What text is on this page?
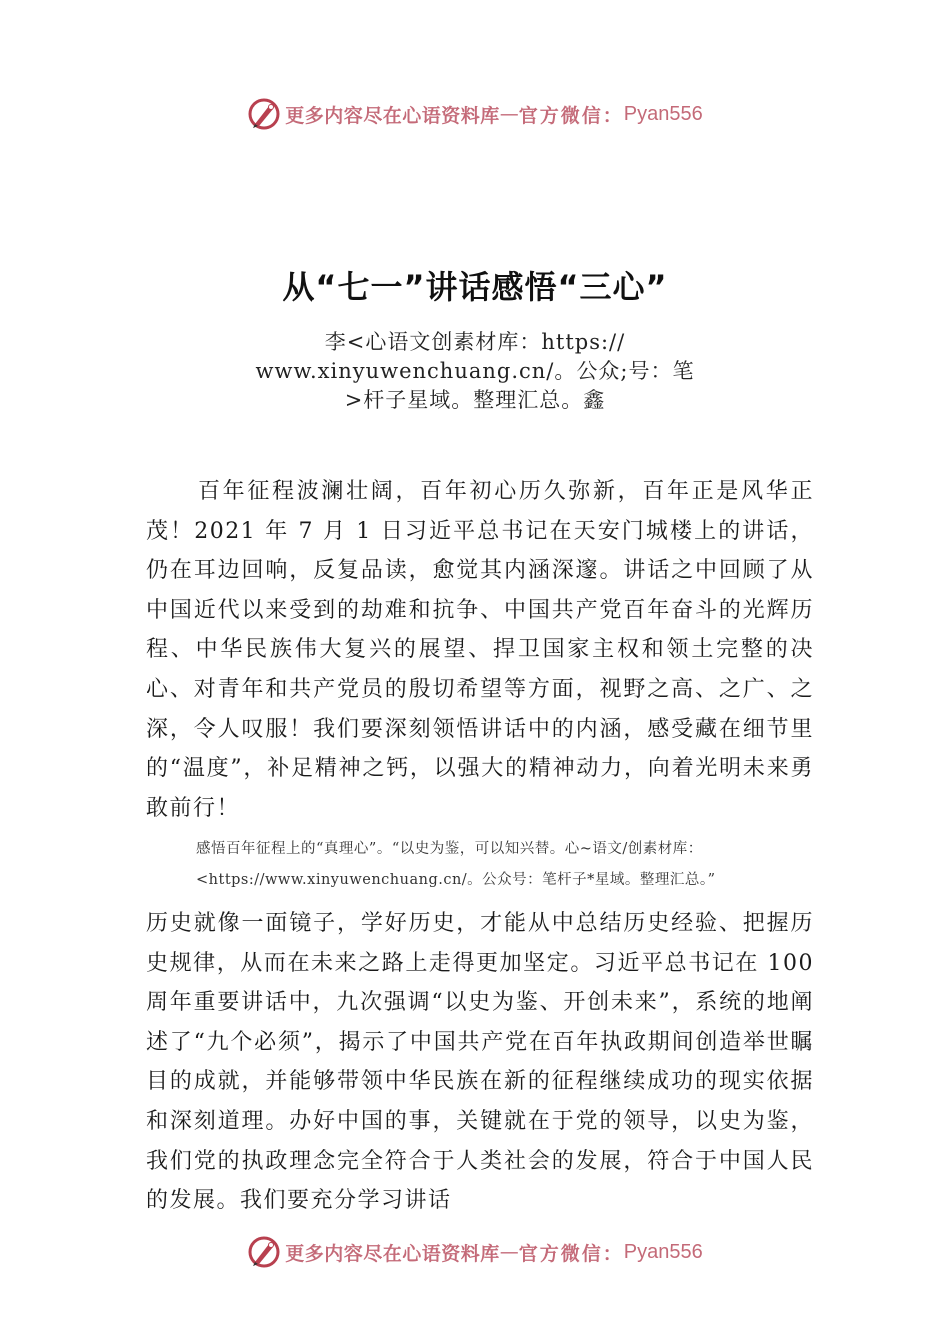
更多内容尽在心语资料库 — 官方微信： Pyan556
从“七一”讲话感悟“三心”
李<心语文创素材库：https://
www.xinyuwenchuang.cn/。公众;号：笔
>杆子星域。整理汇总。鑫

百年征程波澜壮阔，百年初心历久弥新，百年正是风华正茂！2021 年 7 月 1 日习近平总书记在天安门城楼上的讲话，仍在耳边回响，反复品读，愈觉其内涵深邃。讲话之中回顾了从中国近代以来受到的劫难和抗争、中国共产党百年奋斗的光辉历程、中华民族伟大复兴的展望、捍卫国家主权和领土完整的决心、对青年和共产党员的殷切希望等方面，视野之高、之广、之深，令人叹服！我们要深刻领悟讲话中的内涵，感受藏在细节里的“温度”，补足精神之钙，以强大的精神动力，向着光明未来勇敢前行！

感悟百年征程上的“真理心”。“以史为鉴，可以知兴替。心~语文/创素材库：
<https://www.xinyuwenchuang.cn/。公众号：笔杆子*星域。整理汇总。”

历史就像一面镜子，学好历史，才能从中总结历史经验、把握历史规律，从而在未来之路上走得更加坚定。习近平总书记在 100 周年重要讲话中，九次强调“以史为鉴、开创未来”，系统的地阐述了“九个必须”，揭示了中国共产党在百年执政期间创造举世瞩目的成就，并能够带领中华民族在新的征程继续成功的现实依据和深刻道理。办好中国的事，关键就在于党的领导，以史为鉴，我们党的执政理念完全符合于人类社会的发展，符合于中国人民的发展。我们要充分学习讲话

更多内容尽在心语资料库 — 官方微信： Pyan556
